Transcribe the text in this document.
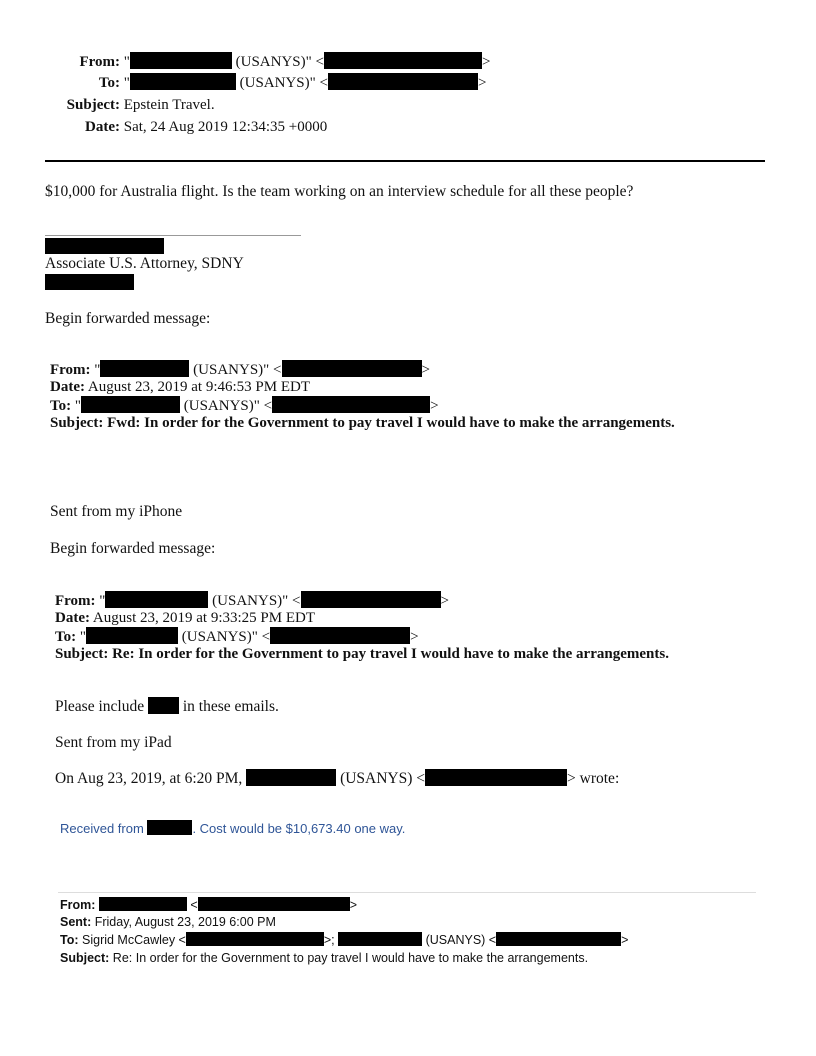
From: "	(USANYS)" <	>
To: "	(USANYS)" <	>
Subject: Epstein Travel.
Date: Sat, 24 Aug 2019 12:34:35 +0000
$10,000 for Australia flight. Is the team working on an interview schedule for all these people?
Associate U.S. Attorney, SDNY
Begin forwarded message:
From: "	(USANYS)" <	>
Date: August 23, 2019 at 9:46:53 PM EDT
To: "	(USANYS)" <	>
Subject: Fwd: In order for the Government to pay travel I would have to make the arrangements.
Sent from my iPhone
Begin forwarded message:
From: "	(USANYS)" <	>
Date: August 23, 2019 at 9:33:25 PM EDT
To: "	(USANYS)" <	>
Subject: Re: In order for the Government to pay travel I would have to make the arrangements.
Please include	in these emails.
Sent from my iPad
On Aug 23, 2019, at 6:20 PM,	(USANYS) <	> wrote:
Received from	. Cost would be $10,673.40 one way.
From:	<	>
Sent: Friday, August 23, 2019 6:00 PM
To: Sigrid McCawley <	>;	(USANYS) <	>
Subject: Re: In order for the Government to pay travel I would have to make the arrangements.
